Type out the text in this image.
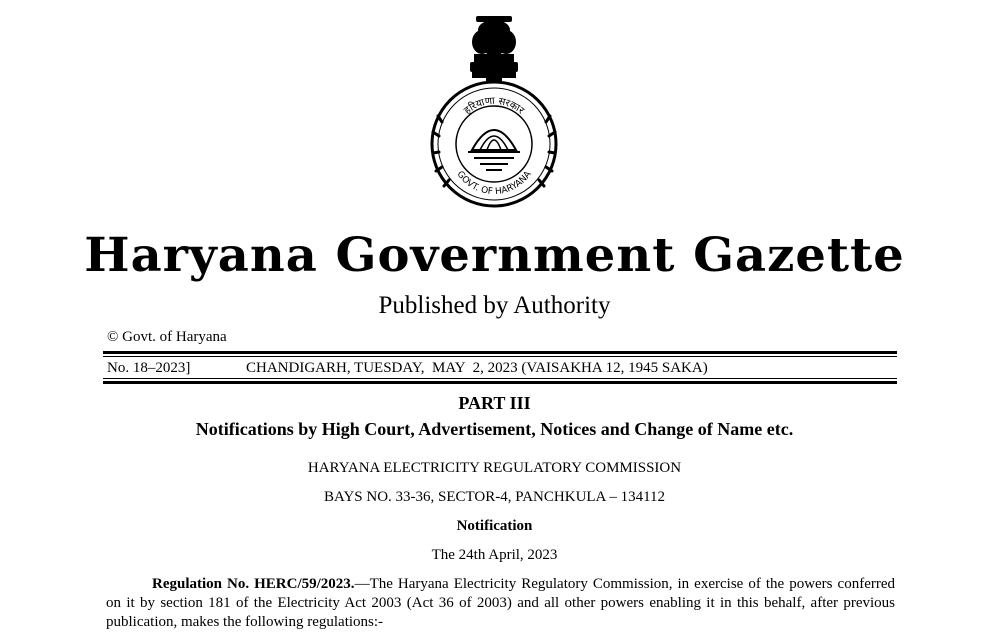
हरियाणा सरकार
GOVT. OF HARYANA
Haryana Government Gazette
Published by Authority
© Govt. of Haryana
No. 18–2023]	CHANDIGARH, TUESDAY,  MAY  2, 2023 (VAISAKHA 12, 1945 SAKA)
PART III
Notifications by High Court, Advertisement, Notices and Change of Name etc.
HARYANA ELECTRICITY REGULATORY COMMISSION
BAYS NO. 33-36, SECTOR-4, PANCHKULA – 134112
Notification
The 24th April, 2023
Regulation No. HERC/59/2023.—The Haryana Electricity Regulatory Commission, in exercise of the powers conferred on it by section 181 of the Electricity Act 2003 (Act 36 of 2003) and all other powers enabling it in this behalf, after previous publication, makes the following regulations:-
